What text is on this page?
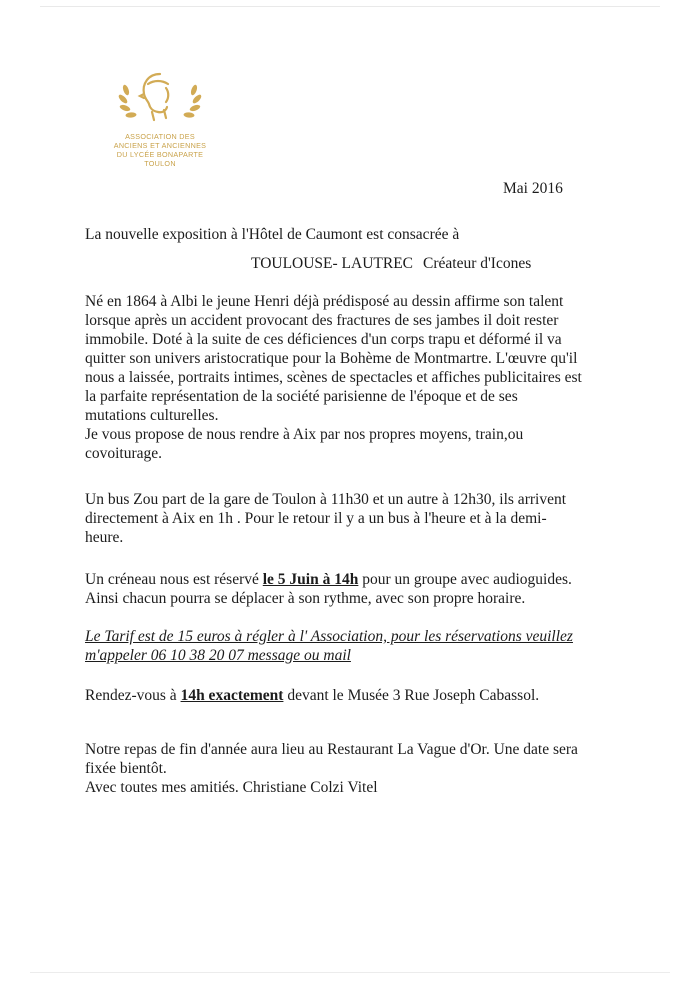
ASSOCIATION DES
ANCIENS ET ANCIENNES
DU LYCÉE BONAPARTE
TOULON
Mai 2016
La nouvelle exposition à l'Hôtel de Caumont est consacrée à
TOULOUSE- LAUTREC Créateur d'Icones
Né en 1864 à Albi le jeune Henri déjà prédisposé au dessin affirme son talent
lorsque après un accident provocant des fractures de ses jambes il doit rester
immobile. Doté à la suite de ces déficiences d'un corps trapu et déformé il va
quitter son univers aristocratique pour la Bohème de Montmartre. L'œuvre qu'il
nous a laissée, portraits intimes, scènes de spectacles et affiches publicitaires est
la parfaite représentation de la société parisienne de l'époque et de ses
mutations culturelles.
Je vous propose de nous rendre à Aix par nos propres moyens, train,ou
covoiturage.
Un bus Zou part de la gare de Toulon à 11h30 et un autre à 12h30, ils arrivent
directement à Aix en 1h . Pour le retour il y a un bus à l'heure et à la demi-
heure.
Un créneau nous est réservé le 5 Juin à 14h pour un groupe avec audioguides.
Ainsi chacun pourra se déplacer à son rythme, avec son propre horaire.
Le Tarif est de 15 euros à régler à l' Association, pour les réservations veuillez
m'appeler 06 10 38 20 07 message ou mail
Rendez-vous à 14h exactement devant le Musée 3 Rue Joseph Cabassol.
Notre repas de fin d'année aura lieu au Restaurant La Vague d'Or. Une date sera
fixée bientôt.
Avec toutes mes amitiés. Christiane Colzi Vitel
